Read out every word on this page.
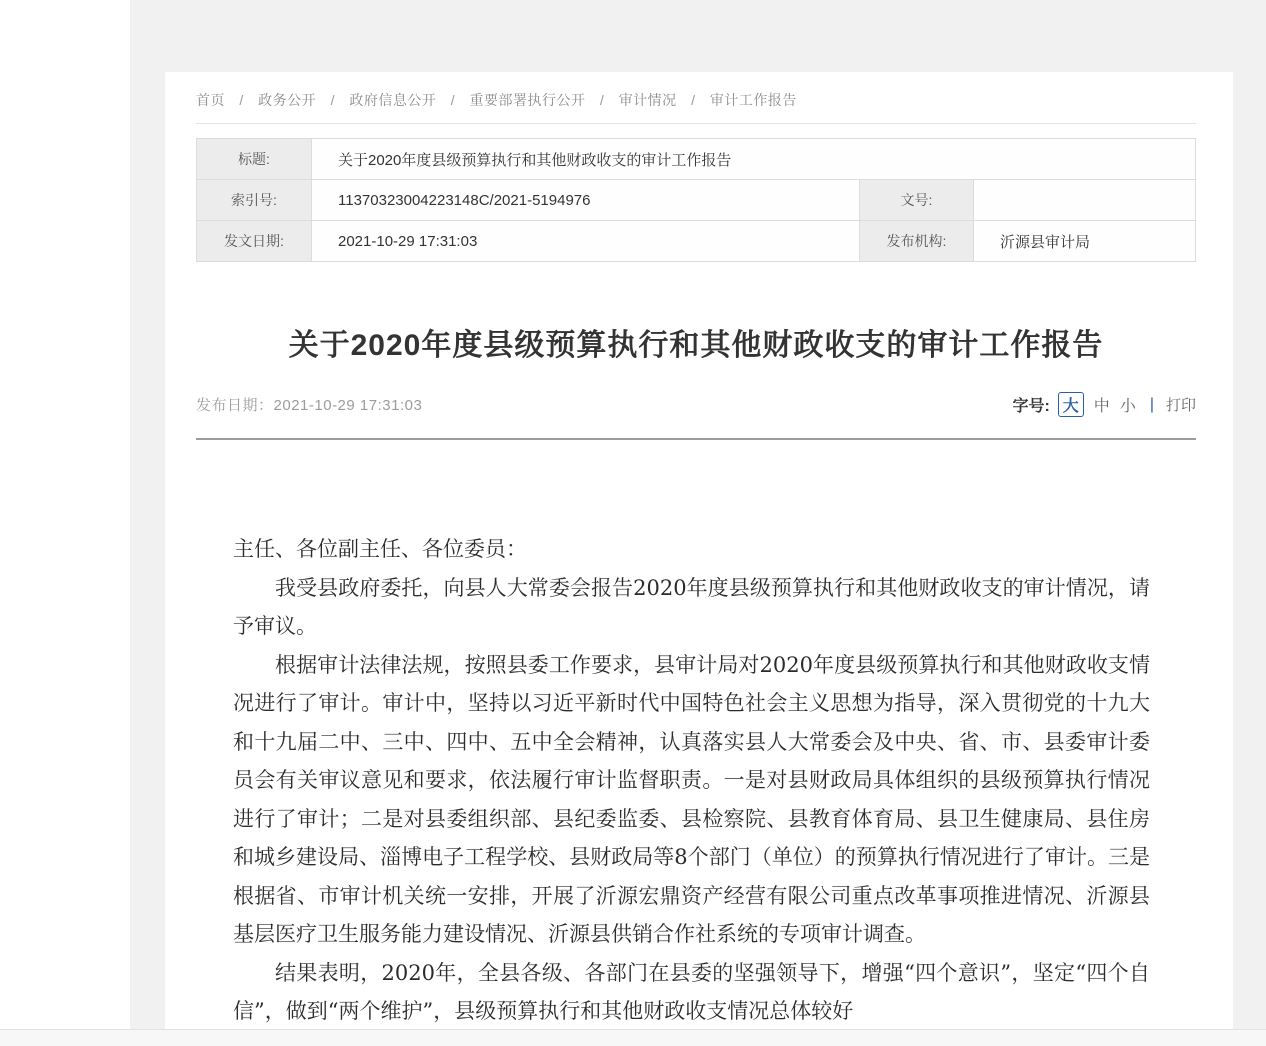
首页 / 政务公开 / 政府信息公开 / 重要部署执行公开 / 审计情况 / 审计工作报告
标题:	关于2020年度县级预算执行和其他财政收支的审计工作报告		
索引号:	11370323004223148C/2021-5194976	文号:	
发文日期:	2021-10-29 17:31:03	发布机构:	沂源县审计局
关于2020年度县级预算执行和其他财政收支的审计工作报告
发布日期：2021-10-29 17:31:03	字号: 大 中 小 | 打印

主任、各位副主任、各位委员：

我受县政府委托，向县人大常委会报告2020年度县级预算执行和其他财政收支的审计情况，请予审议。

根据审计法律法规，按照县委工作要求，县审计局对2020年度县级预算执行和其他财政收支情况进行了审计。审计中，坚持以习近平新时代中国特色社会主义思想为指导，深入贯彻党的十九大和十九届二中、三中、四中、五中全会精神，认真落实县人大常委会及中央、省、市、县委审计委员会有关审议意见和要求，依法履行审计监督职责。一是对县财政局具体组织的县级预算执行情况进行了审计；二是对县委组织部、县纪委监委、县检察院、县教育体育局、县卫生健康局、县住房和城乡建设局、淄博电子工程学校、县财政局等8个部门（单位）的预算执行情况进行了审计。三是根据省、市审计机关统一安排，开展了沂源宏鼎资产经营有限公司重点改革事项推进情况、沂源县基层医疗卫生服务能力建设情况、沂源县供销合作社系统的专项审计调查。

结果表明，2020年，全县各级、各部门在县委的坚强领导下，增强“四个意识”，坚定“四个自信”，做到“两个维护”，县级预算执行和其他财政收支情况总体较好
